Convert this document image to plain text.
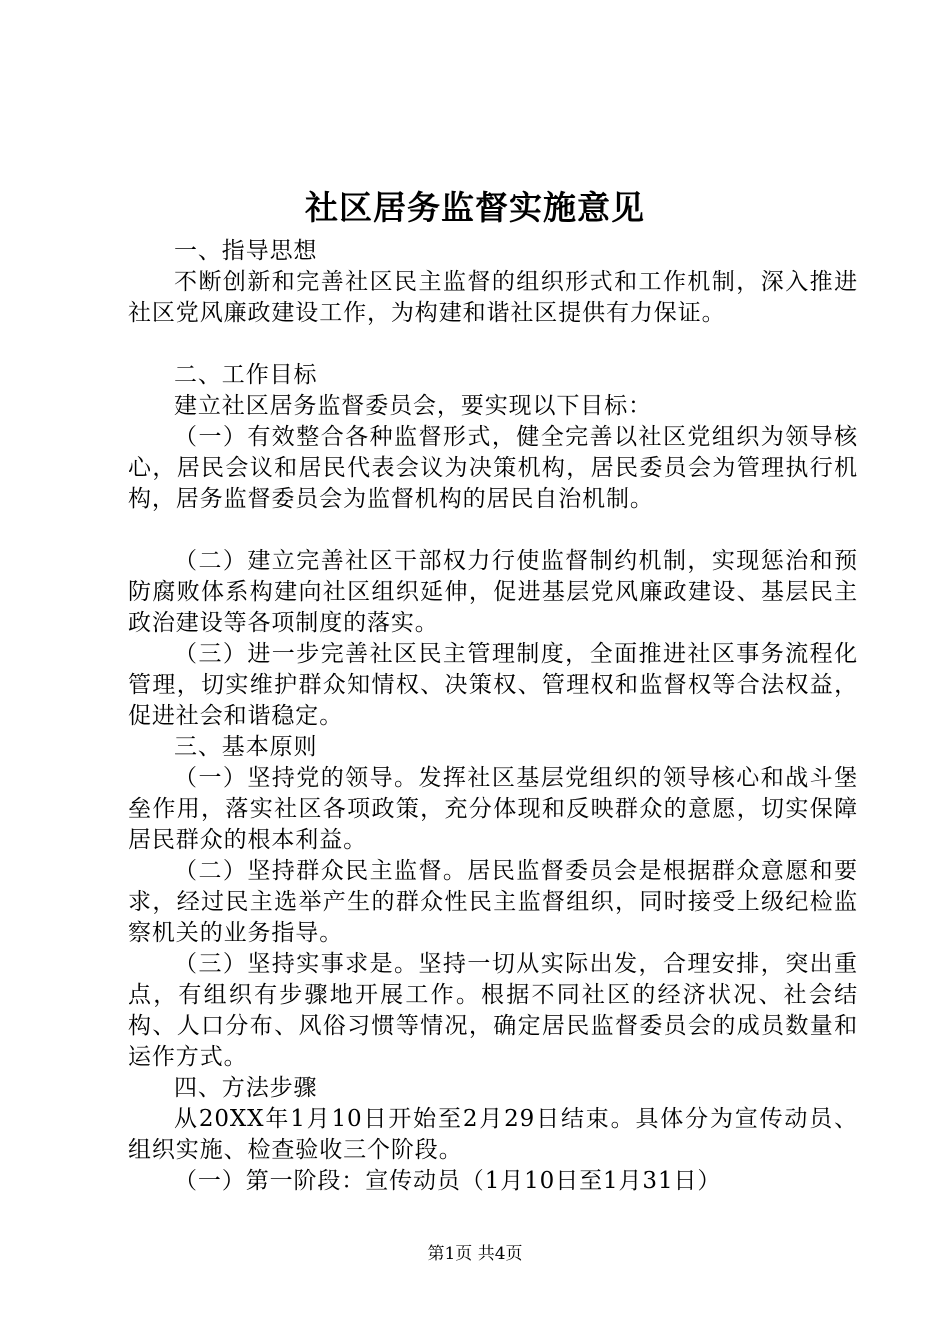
社区居务监督实施意见

一、指导思想

不断创新和完善社区民主监督的组织形式和工作机制，深入推进社区党风廉政建设工作，为构建和谐社区提供有力保证。

二、工作目标

建立社区居务监督委员会，要实现以下目标：

（一）有效整合各种监督形式，健全完善以社区党组织为领导核心，居民会议和居民代表会议为决策机构，居民委员会为管理执行机构，居务监督委员会为监督机构的居民自治机制。

（二）建立完善社区干部权力行使监督制约机制，实现惩治和预防腐败体系构建向社区组织延伸，促进基层党风廉政建设、基层民主政治建设等各项制度的落实。

（三）进一步完善社区民主管理制度，全面推进社区事务流程化管理，切实维护群众知情权、决策权、管理权和监督权等合法权益，促进社会和谐稳定。

三、基本原则

（一）坚持党的领导。发挥社区基层党组织的领导核心和战斗堡垒作用，落实社区各项政策，充分体现和反映群众的意愿，切实保障居民群众的根本利益。

（二）坚持群众民主监督。居民监督委员会是根据群众意愿和要求，经过民主选举产生的群众性民主监督组织，同时接受上级纪检监察机关的业务指导。

（三）坚持实事求是。坚持一切从实际出发，合理安排，突出重点，有组织有步骤地开展工作。根据不同社区的经济状况、社会结构、人口分布、风俗习惯等情况，确定居民监督委员会的成员数量和运作方式。

四、方法步骤

从20XX年1月10日开始至2月29日结束。具体分为宣传动员、组织实施、检查验收三个阶段。

（一）第一阶段：宣传动员（1月10日至1月31日）

第1页 共4页
